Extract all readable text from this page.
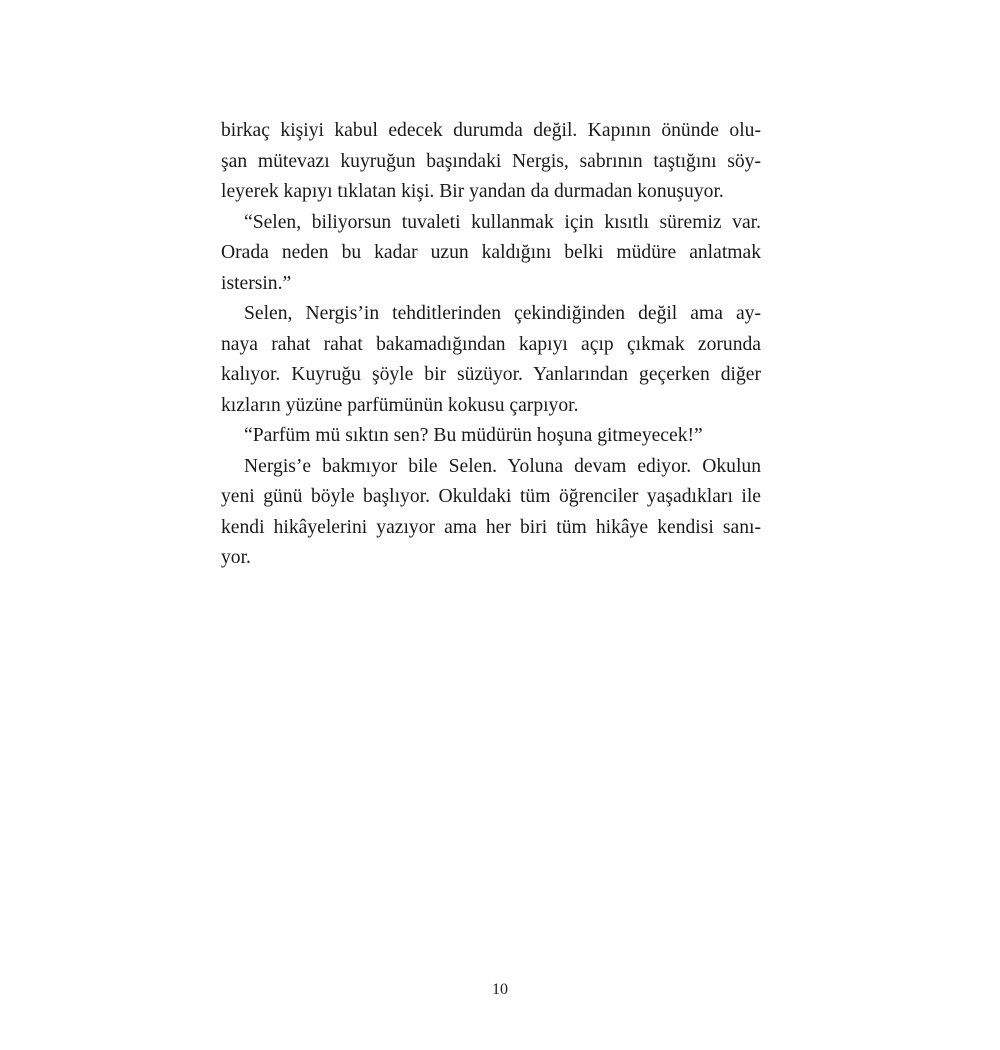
birkaç kişiyi kabul edecek durumda değil. Kapının önünde olu-
şan mütevazı kuyruğun başındaki Nergis, sabrının taştığını söy-
leyerek kapıyı tıklatan kişi. Bir yandan da durmadan konuşuyor.
“Selen, biliyorsun tuvaleti kullanmak için kısıtlı süremiz var.
Orada neden bu kadar uzun kaldığını belki müdüre anlatmak
istersin.”
Selen, Nergis’in tehditlerinden çekindiğinden değil ama ay-
naya rahat rahat bakamadığından kapıyı açıp çıkmak zorunda
kalıyor. Kuyruğu şöyle bir süzüyor. Yanlarından geçerken diğer
kızların yüzüne parfümünün kokusu çarpıyor.
“Parfüm mü sıktın sen? Bu müdürün hoşuna gitmeyecek!”
Nergis’e bakmıyor bile Selen. Yoluna devam ediyor. Okulun
yeni günü böyle başlıyor. Okuldaki tüm öğrenciler yaşadıkları ile
kendi hikâyelerini yazıyor ama her biri tüm hikâye kendisi sanı-
yor.
10
